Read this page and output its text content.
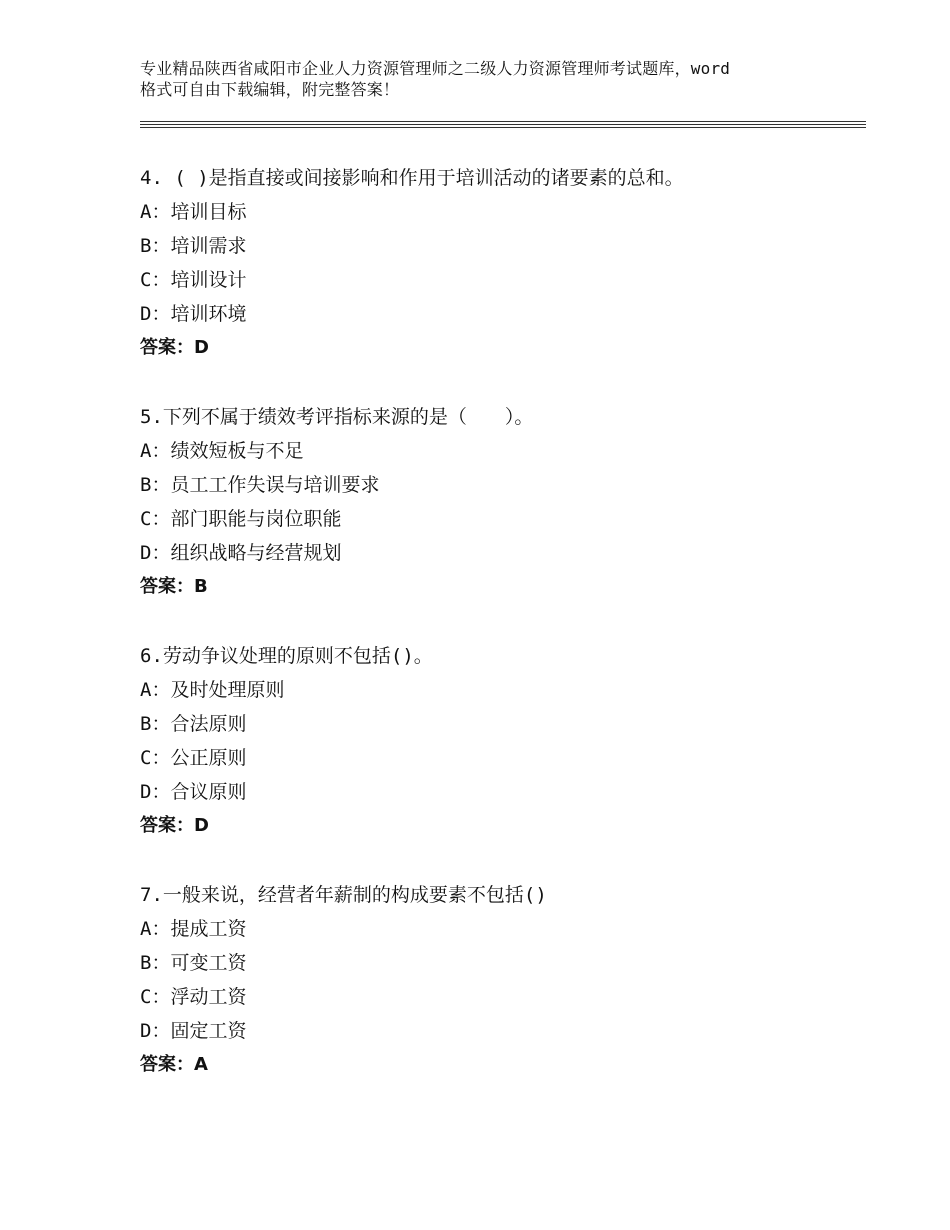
专业精品陕西省咸阳市企业人力资源管理师之二级人力资源管理师考试题库，word
格式可自由下载编辑，附完整答案！
4. ( )是指直接或间接影响和作用于培训活动的诸要素的总和。
A：培训目标
B：培训需求
C：培训设计
D：培训环境
答案：D
5.下列不属于绩效考评指标来源的是（　　）。
A：绩效短板与不足
B：员工工作失误与培训要求
C：部门职能与岗位职能
D：组织战略与经营规划
答案：B
6.劳动争议处理的原则不包括()。
A：及时处理原则
B：合法原则
C：公正原则
D：合议原则
答案：D
7.一般来说，经营者年薪制的构成要素不包括()
A：提成工资
B：可变工资
C：浮动工资
D：固定工资
答案：A
